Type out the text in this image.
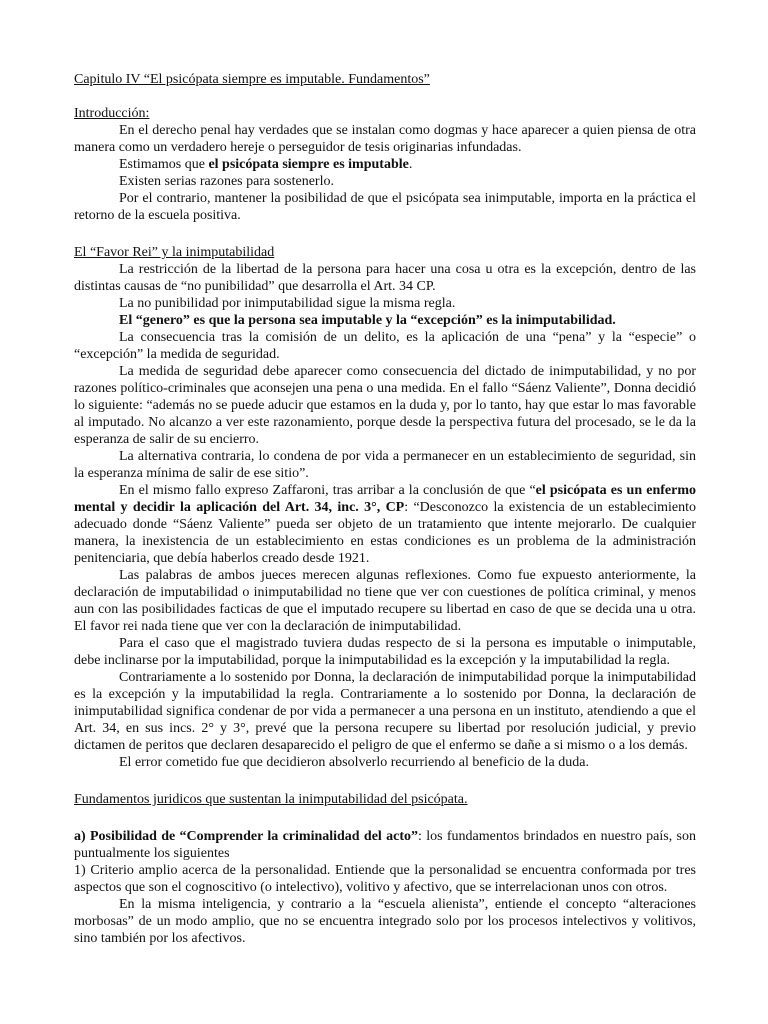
Capitulo IV “El psicópata siempre es imputable. Fundamentos”

Introducción:

En el derecho penal hay verdades que se instalan como dogmas y hace aparecer a quien piensa de otra manera como un verdadero hereje o perseguidor de tesis originarias infundadas.

Estimamos que el psicópata siempre es imputable.

Existen serias razones para sostenerlo.

Por el contrario, mantener la posibilidad de que el psicópata sea inimputable, importa en la práctica el retorno de la escuela positiva.

El “Favor Rei” y la inimputabilidad

La restricción de la libertad de la persona para hacer una cosa u otra es la excepción, dentro de las distintas causas de “no punibilidad” que desarrolla el Art. 34 CP.

La no punibilidad por inimputabilidad sigue la misma regla.

El “genero” es que la persona sea imputable y la “excepción” es la inimputabilidad.

La consecuencia tras la comisión de un delito, es la aplicación de una “pena” y la “especie” o “excepción” la medida de seguridad.

La medida de seguridad debe aparecer como consecuencia del dictado de inimputabilidad, y no por razones político-criminales que aconsejen una pena o una medida. En el fallo “Sáenz Valiente”, Donna decidió lo siguiente: “además no se puede aducir que estamos en la duda y, por lo tanto, hay que estar lo mas favorable al imputado. No alcanzo a ver este razonamiento, porque desde la perspectiva futura del procesado, se le da la esperanza de salir de su encierro.

La alternativa contraria, lo condena de por vida a permanecer en un establecimiento de seguridad, sin la esperanza mínima de salir de ese sitio”.

En el mismo fallo expreso Zaffaroni, tras arribar a la conclusión de que “el psicópata es un enfermo mental y decidir la aplicación del Art. 34, inc. 3°, CP: “Desconozco la existencia de un establecimiento adecuado donde “Sáenz Valiente” pueda ser objeto de un tratamiento que intente mejorarlo. De cualquier manera, la inexistencia de un establecimiento en estas condiciones es un problema de la administración penitenciaria, que debía haberlos creado desde 1921.

Las palabras de ambos jueces merecen algunas reflexiones. Como fue expuesto anteriormente, la declaración de imputabilidad o inimputabilidad no tiene que ver con cuestiones de política criminal, y menos aun con las posibilidades facticas de que el imputado recupere su libertad en caso de que se decida una u otra. El favor rei nada tiene que ver con la declaración de inimputabilidad.

Para el caso que el magistrado tuviera dudas respecto de si la persona es imputable o inimputable, debe inclinarse por la imputabilidad, porque la inimputabilidad es la excepción y la imputabilidad la regla.

Contrariamente a lo sostenido por Donna, la declaración de inimputabilidad porque la inimputabilidad es la excepción y la imputabilidad la regla. Contrariamente a lo sostenido por Donna, la declaración de inimputabilidad significa condenar de por vida a permanecer a una persona en un instituto, atendiendo a que el Art. 34, en sus incs. 2° y 3°, prevé que la persona recupere su libertad por resolución judicial, y previo dictamen de peritos que declaren desaparecido el peligro de que el enfermo se dañe a si mismo o a los demás.

El error cometido fue que decidieron absolverlo recurriendo al beneficio de la duda.

Fundamentos juridicos que sustentan la inimputabilidad del psicópata.

a) Posibilidad de “Comprender la criminalidad del acto”: los fundamentos brindados en nuestro país, son puntualmente los siguientes

1) Criterio amplio acerca de la personalidad. Entiende que la personalidad se encuentra conformada por tres aspectos que son el cognoscitivo (o intelectivo), volitivo y afectivo, que se interrelacionan unos con otros.

En la misma inteligencia, y contrario a la “escuela alienista”, entiende el concepto “alteraciones morbosas” de un modo amplio, que no se encuentra integrado solo por los procesos intelectivos y volitivos, sino también por los afectivos.
